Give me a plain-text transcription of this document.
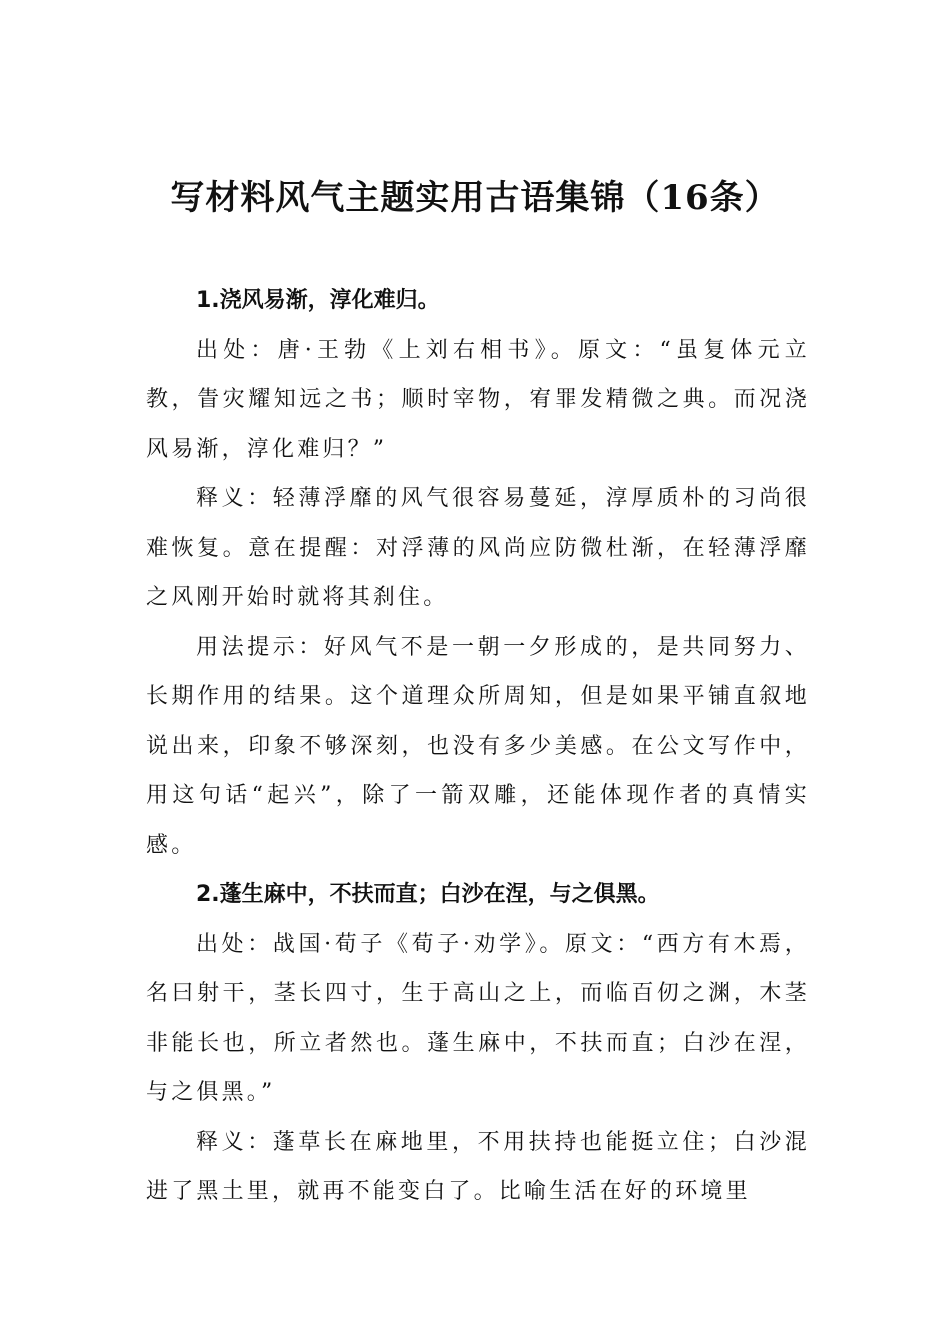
写材料风气主题实用古语集锦（16条）

1.浇风易渐，淳化难归。

出处：唐·王勃《上刘右相书》。原文：“虽复体元立教，眚灾耀知远之书；顺时宰物，宥罪发精微之典。而况浇风易渐，淳化难归？”

释义：轻薄浮靡的风气很容易蔓延，淳厚质朴的习尚很难恢复。意在提醒：对浮薄的风尚应防微杜渐，在轻薄浮靡之风刚开始时就将其刹住。

用法提示：好风气不是一朝一夕形成的，是共同努力、长期作用的结果。这个道理众所周知，但是如果平铺直叙地说出来，印象不够深刻，也没有多少美感。在公文写作中，用这句话“起兴”，除了一箭双雕，还能体现作者的真情实感。

2.蓬生麻中，不扶而直；白沙在涅，与之俱黑。

出处：战国·荀子《荀子·劝学》。原文：“西方有木焉，名曰射干，茎长四寸，生于高山之上，而临百仞之渊，木茎非能长也，所立者然也。蓬生麻中，不扶而直；白沙在涅，与之俱黑。”

释义：蓬草长在麻地里，不用扶持也能挺立住；白沙混进了黑土里，就再不能变白了。比喻生活在好的环境里
